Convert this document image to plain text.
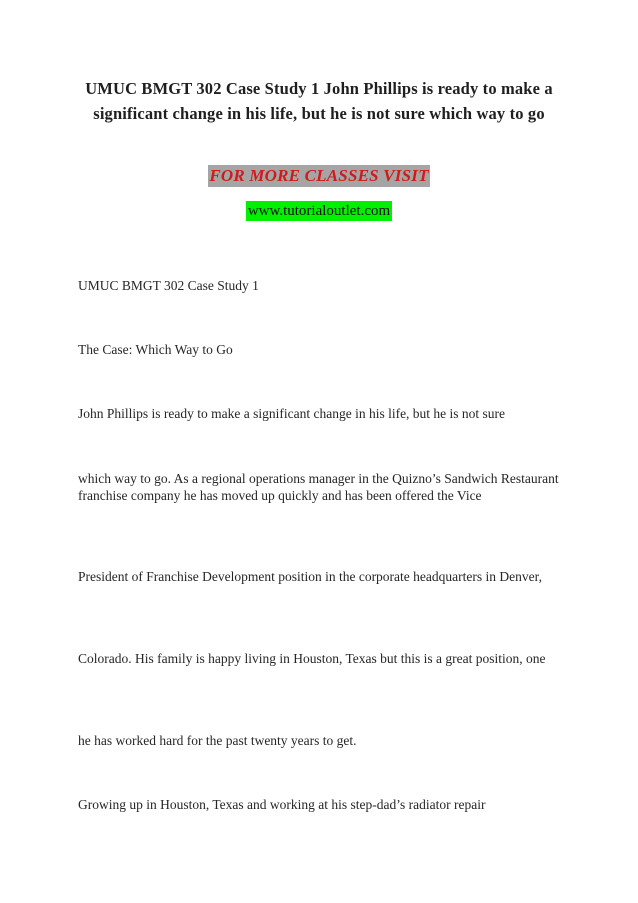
UMUC BMGT 302 Case Study 1 John Phillips is ready to make a significant change in his life, but he is not sure which way to go
FOR MORE CLASSES VISIT
www.tutorialoutlet.com
UMUC BMGT 302 Case Study 1
The Case: Which Way to Go
John Phillips is ready to make a significant change in his life, but he is not sure
which way to go. As a regional operations manager in the Quizno’s Sandwich Restaurant franchise company he has moved up quickly and has been offered the Vice
President of Franchise Development position in the corporate headquarters in Denver,
Colorado. His family is happy living in Houston, Texas but this is a great position, one
he has worked hard for the past twenty years to get.
Growing up in Houston, Texas and working at his step-dad’s radiator repair
